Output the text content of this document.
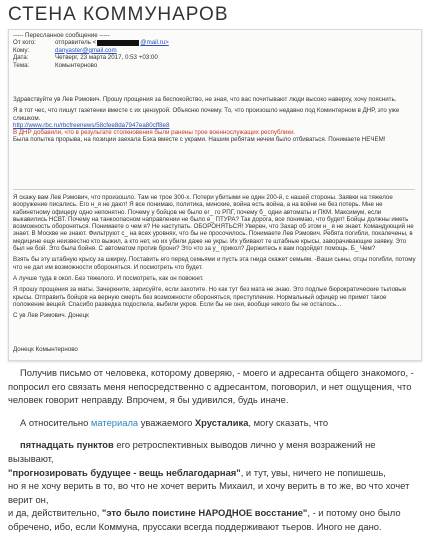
СТЕНА КОММУНАРОВ
----- Пересланное сообщение -----
От кого:	отправитель <	@mail.ru>
Кому:	danyaster@gmail.com
Дата:	Четверг, 23 марта 2017, 0:53 +03:00
Тема:	Комынтерново

Здравствуйте ув Лев Рэмович. Прошу прощения за беспокойство, не зная, что вас почитывают люди высоко наверху, хочу пояснить.

Я в тот чес, что пишут газетенки вместе с их цензурой. Объясню почему. То, что произошло недавно под Коминтерном в ДНР, это уже слишком.
http://www.rbc.ru/rbcfreenews/58cfee8da7947ea80cff8e8
В ДНР добавили, что в результате столкновения были ранены трое военнослужащих республики.
Была попытка прорыва, на позиции заехала Бэха вместе с украми. Нашим ребятам нечем было отбиваться. Понимаете НЕЧЕМ!

Я скажу вам Лев Рэмович, что произошло. Там не трое 300-х. Потери убитыми не один 200-й, с нашей стороны. Заявки на тяжелое вооружение писались. Его н_я не дают! Я все понимаю, политика, минские, война есть война, а на войне не без потерь. Мне не кабинетному офицеру одно непонятно. Почему у бойцов не было ег_ го РПГ, почему б_ одни автоматы и ПКМ. Максимум, если выкавились НСВТ. Почему на танкоопасном направлении не было е_ ПТУРА? Так дорога, все понимаю, что будет! Бойцы должны иметь возможность обороняться. Понимаете о чем я? Не наступать. ОБОРОНЯТЬСЯ! Уверен, что Захар об этом н_ я не знает. Командующий не знает. В Москве не знают. Фильтруют с_ на всех уровнях, что бы не просочилось. Понимаете Лев Рэмович. Ребята погибли, покалечены, в медицине еще неизвестно кто выжил, а кто нет, но их убили даже не укры. Их убивают те штабные крысы, заворачивающие заявку. Это был не бой. Это была бойня. С автоматом против брони? Это что за у_ прикол? Держитесь к вам подойдет помощь. Б_ Чем?

Взять бы эту штабную крысу за шкирку. Поставить его перед семьями и пусть эта гнида скажет семьям. -Ваши сыны, отцы погибли, потому что не дал им возможности обороняться. И посмотреть что будет.

А лучше туда в окоп. Без тяжелого. И посмотреть, как он повоюет.

Я прошу прощения за маты. Зачеркните, зарисуйте, если захотите. Но как тут без мата не знаю. Это подлые бюрократические тыловые крысы. Отправить бойцов на верную смерть без возможности обороняться, преступление. Нормальный офицер не примет такое положение вещей. Спасибо разведка подоспела, выбили укров. Если бы не они, вообще никого бы не осталось...

С ув Лев Рэмович. Донецк

Донецк Комынтерново

Получив письмо от человека, которому доверяю, - моего и адресанта общего знакомого, - попросил его связать меня непосредственно с адресантом, поговорил, и нет ощущения, что человек говорит неправду. Впрочем, я бы удивился, будь иначе.

А относительно материала уважаемого Хрусталика, могу сказать, что

пятнадцать пунктов его ретроспективных выводов лично у меня возражений не вызывают,
"прогнозировать будущее - вещь неблагодарная", и тут, увы, ничего не попишешь,
но я не хочу верить в то, во что не хочет верить Михаил, и хочу верить в то же, во что хочет верит он,
и да, действительно, "это было поистине НАРОДНОЕ восстание", - и потому оно было обречено, ибо, если Коммуна, пруссаки всегда поддерживают тьеров. Иного не дано.
